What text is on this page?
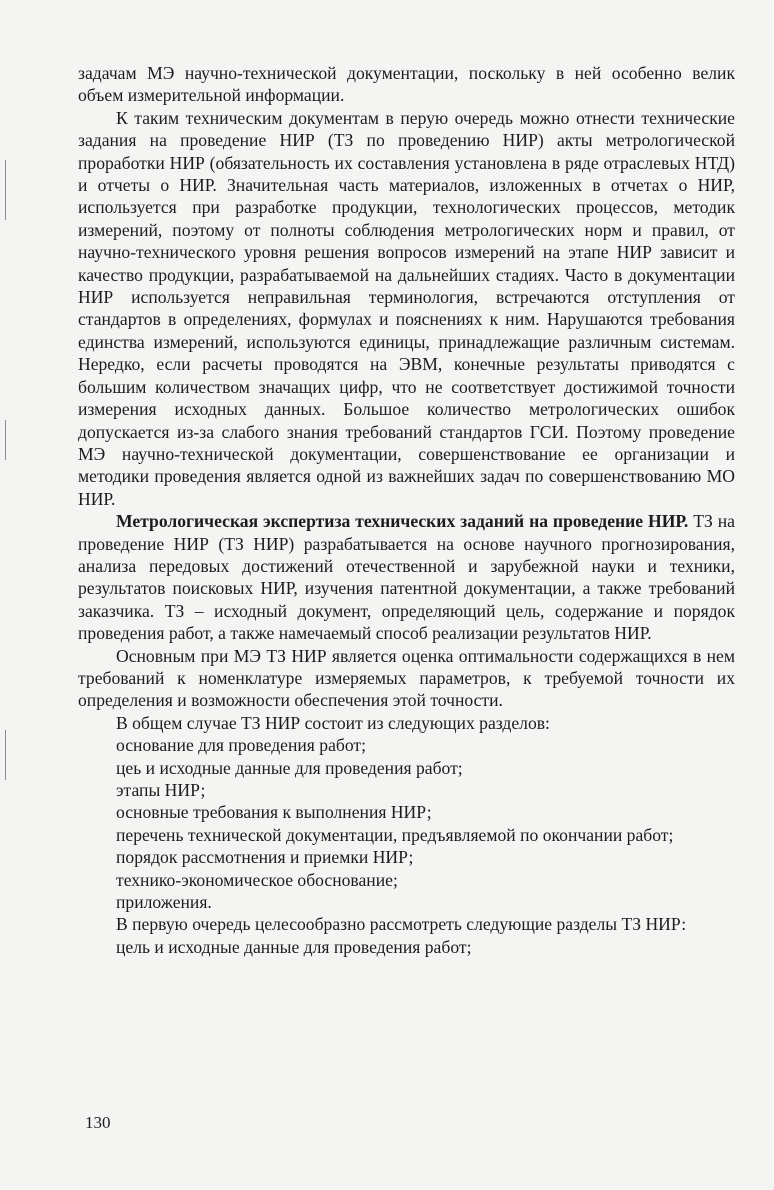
задачам МЭ научно-технической документации, поскольку в ней особенно велик объем измерительной информации.

К таким техническим документам в перую очередь можно отнести технические задания на проведение НИР (ТЗ по проведению НИР) акты метрологической проработки НИР (обязательность их составления установлена в ряде отраслевых НТД) и отчеты о НИР. Значительная часть материалов, изложенных в отчетах о НИР, используется при разработке продукции, технологических процессов, методик измерений, поэтому от полноты соблюдения метрологических норм и правил, от научно-технического уровня решения вопросов измерений на этапе НИР зависит и качество продукции, разрабатываемой на дальнейших стадиях. Часто в документации НИР используется неправильная терминология, встречаются отступления от стандартов в определениях, формулах и пояснениях к ним. Нарушаются требования единства измерений, используются единицы, принадлежащие различным системам. Нередко, если расчеты проводятся на ЭВМ, конечные результаты приводятся с большим количеством значащих цифр, что не соответствует достижимой точности измерения исходных данных. Большое количество метрологических ошибок допускается из-за слабого знания требований стандартов ГСИ. Поэтому проведение МЭ научно-технической документации, совершенствование ее организации и методики проведения является одной из важнейших задач по совершенствованию МО НИР.

Метрологическая экспертиза технических заданий на проведение НИР. ТЗ на проведение НИР (ТЗ НИР) разрабатывается на основе научного прогнозирования, анализа передовых достижений отечественной и зарубежной науки и техники, результатов поисковых НИР, изучения патентной документации, а также требований заказчика. ТЗ – исходный документ, определяющий цель, содержание и порядок проведения работ, а также намечаемый способ реализации результатов НИР.

Основным при МЭ ТЗ НИР является оценка оптимальности содержащихся в нем требований к номенклатуре измеряемых параметров, к требуемой точности их определения и возможности обеспечения этой точности.

В общем случае ТЗ НИР состоит из следующих разделов:

основание для проведения работ;

цеь и исходные данные для проведения работ;

этапы НИР;

основные требования к выполнения НИР;

перечень технической документации, предъявляемой по окончании работ;

порядок рассмотнения и приемки НИР;

технико-экономическое обоснование;

приложения.

В первую очередь целесообразно рассмотреть следующие разделы ТЗ НИР:

цель и исходные данные для проведения работ;

130
